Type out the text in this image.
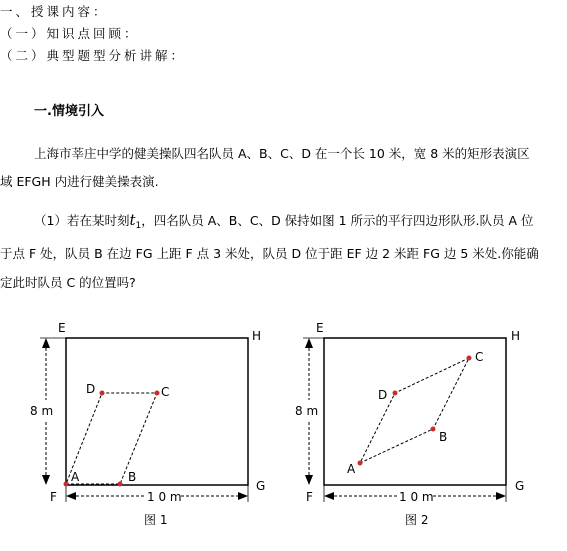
一、授课内容：
（一）知识点回顾：
（二）典型题型分析讲解：
一.情境引入
上海市莘庄中学的健美操队四名队员 A、B、C、D 在一个长 10 米，宽 8 米的矩形表演区
域 EFGH 内进行健美操表演.
（1）若在某时刻$t_1$，四名队员 A、B、C、D 保持如图 1 所示的平行四边形队形.队员 A 位
于点 F 处，队员 B 在边 FG 上距 F 点 3 米处，队员 D 位于距 EF 边 2 米距 FG 边 5 米处.你能确
定此时队员 C 的位置吗?
8 m
1 0 m
E
H
F
G
A	B
C
D
图 1
8 m
1 0 m
E
H
F
G
A
B
C
D
图 2
